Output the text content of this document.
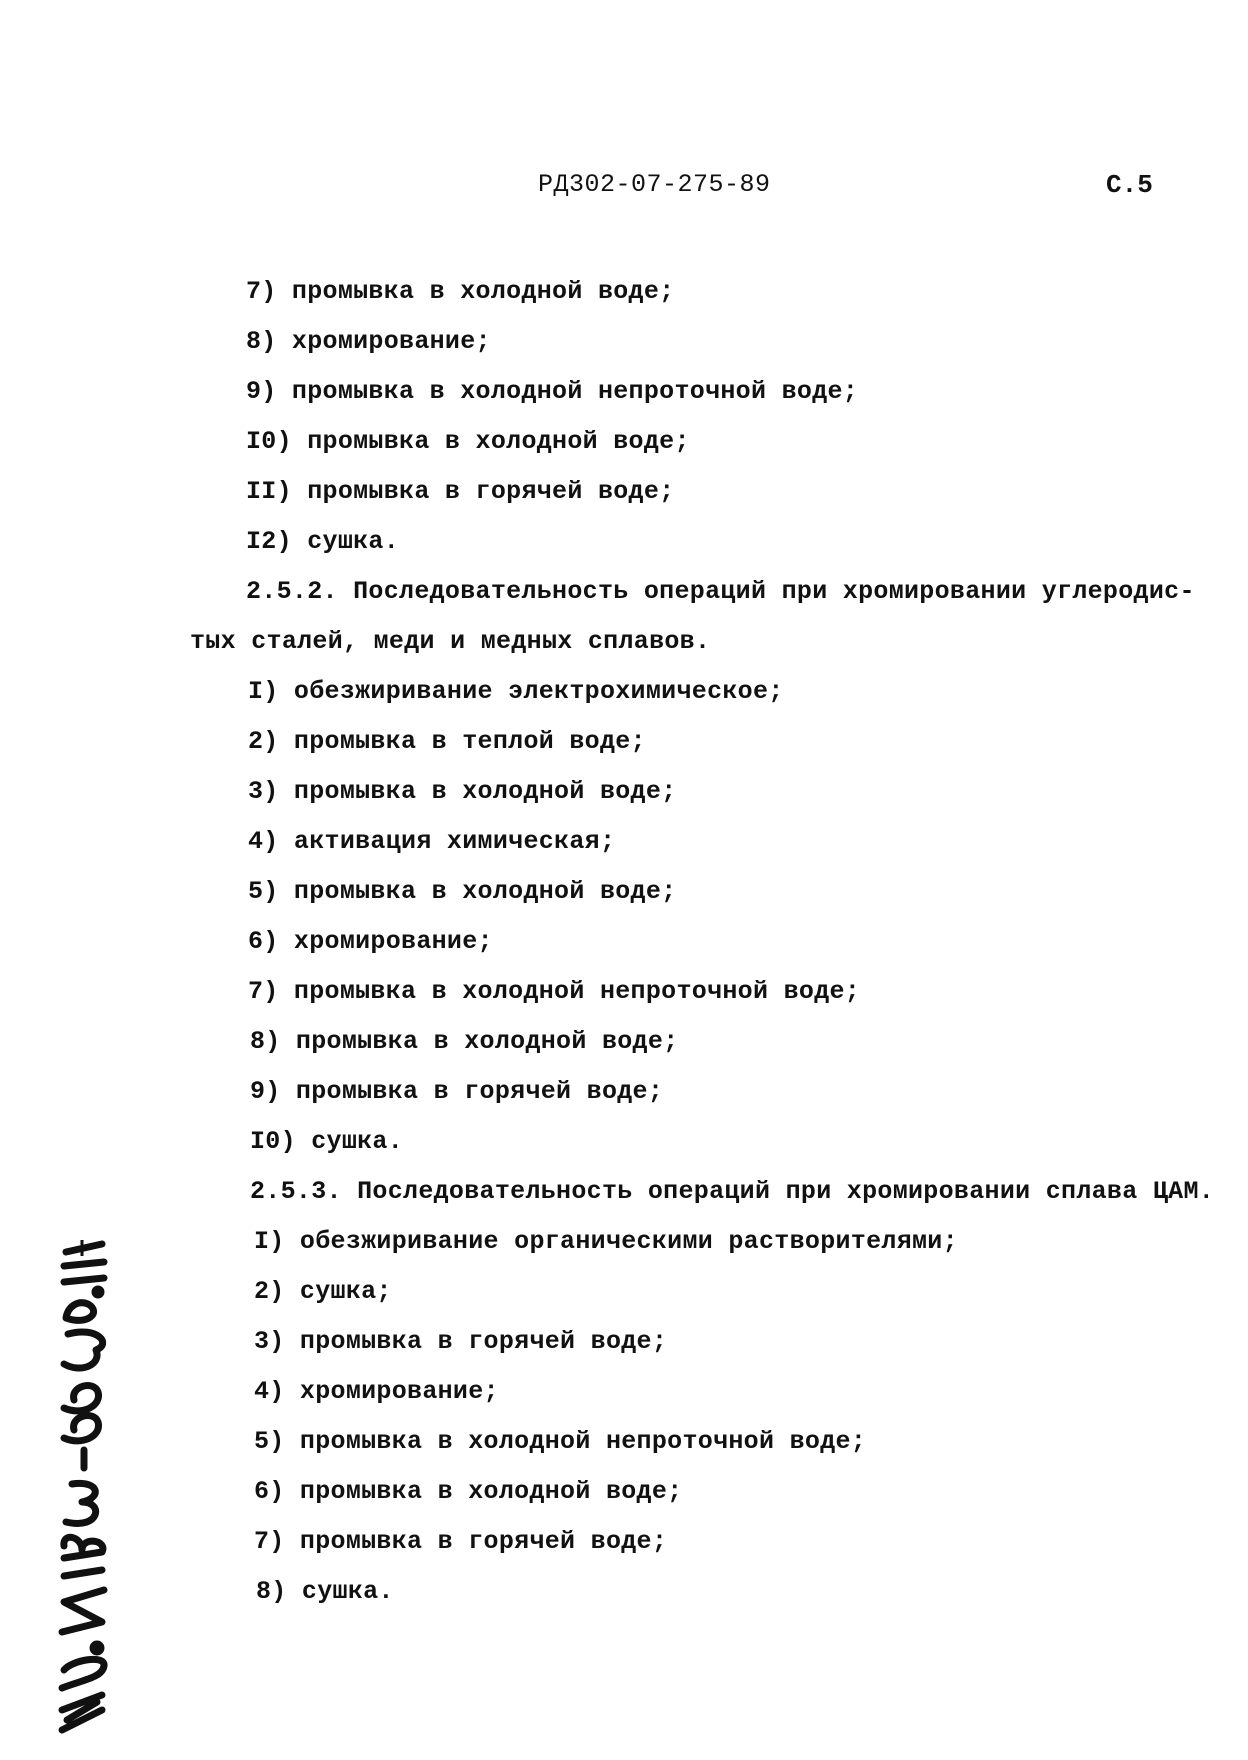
РД302-07-275-89	С.5
7) промывка в холодной воде;
8) хромирование;
9) промывка в холодной непроточной воде;
I0) промывка в холодной воде;
II) промывка в горячей воде;
I2) сушка.
2.5.2. Последовательность операций при хромировании углеродис-
тых сталей, меди и медных сплавов.
I) обезжиривание электрохимическое;
2) промывка в теплой воде;
3) промывка в холодной воде;
4) активация химическая;
5) промывка в холодной воде;
6) хромирование;
7) промывка в холодной непроточной воде;
8) промывка в холодной воде;
9) промывка в горячей воде;
I0) сушка.
2.5.3. Последовательность операций при хромировании сплава ЦАМ.
I) обезжиривание органическими растворителями;
2) сушка;
3) промывка в горячей воде;
4) хромирование;
5) промывка в холодной непроточной воде;
6) промывка в холодной воде;
7) промывка в горячей воде;
8) сушка.
